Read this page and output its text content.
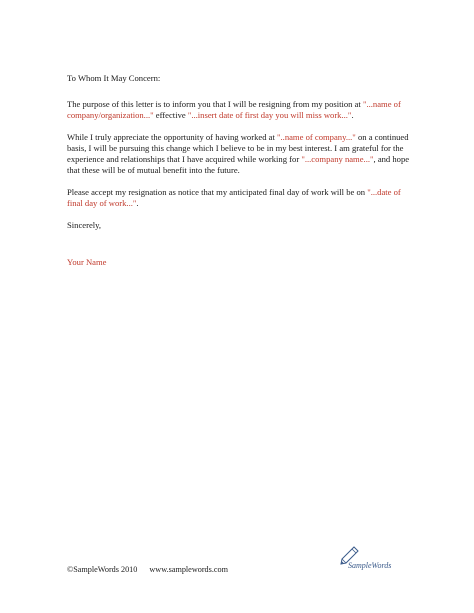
To Whom It May Concern:

The purpose of this letter is to inform you that I will be resigning from my position at "...name of company/organization..." effective "...insert date of first day you will miss work...".

While I truly appreciate the opportunity of having worked at "..name of company..." on a continued basis, I will be pursuing this change which I believe to be in my best interest. I am grateful for the experience and relationships that I have acquired while working for "...company name...", and hope that these will be of mutual benefit into the future.

Please accept my resignation as notice that my anticipated final day of work will be on "...date of final day of work...".

Sincerely,

Your Name

©SampleWords 2010 www.samplewords.com	SampleWords
